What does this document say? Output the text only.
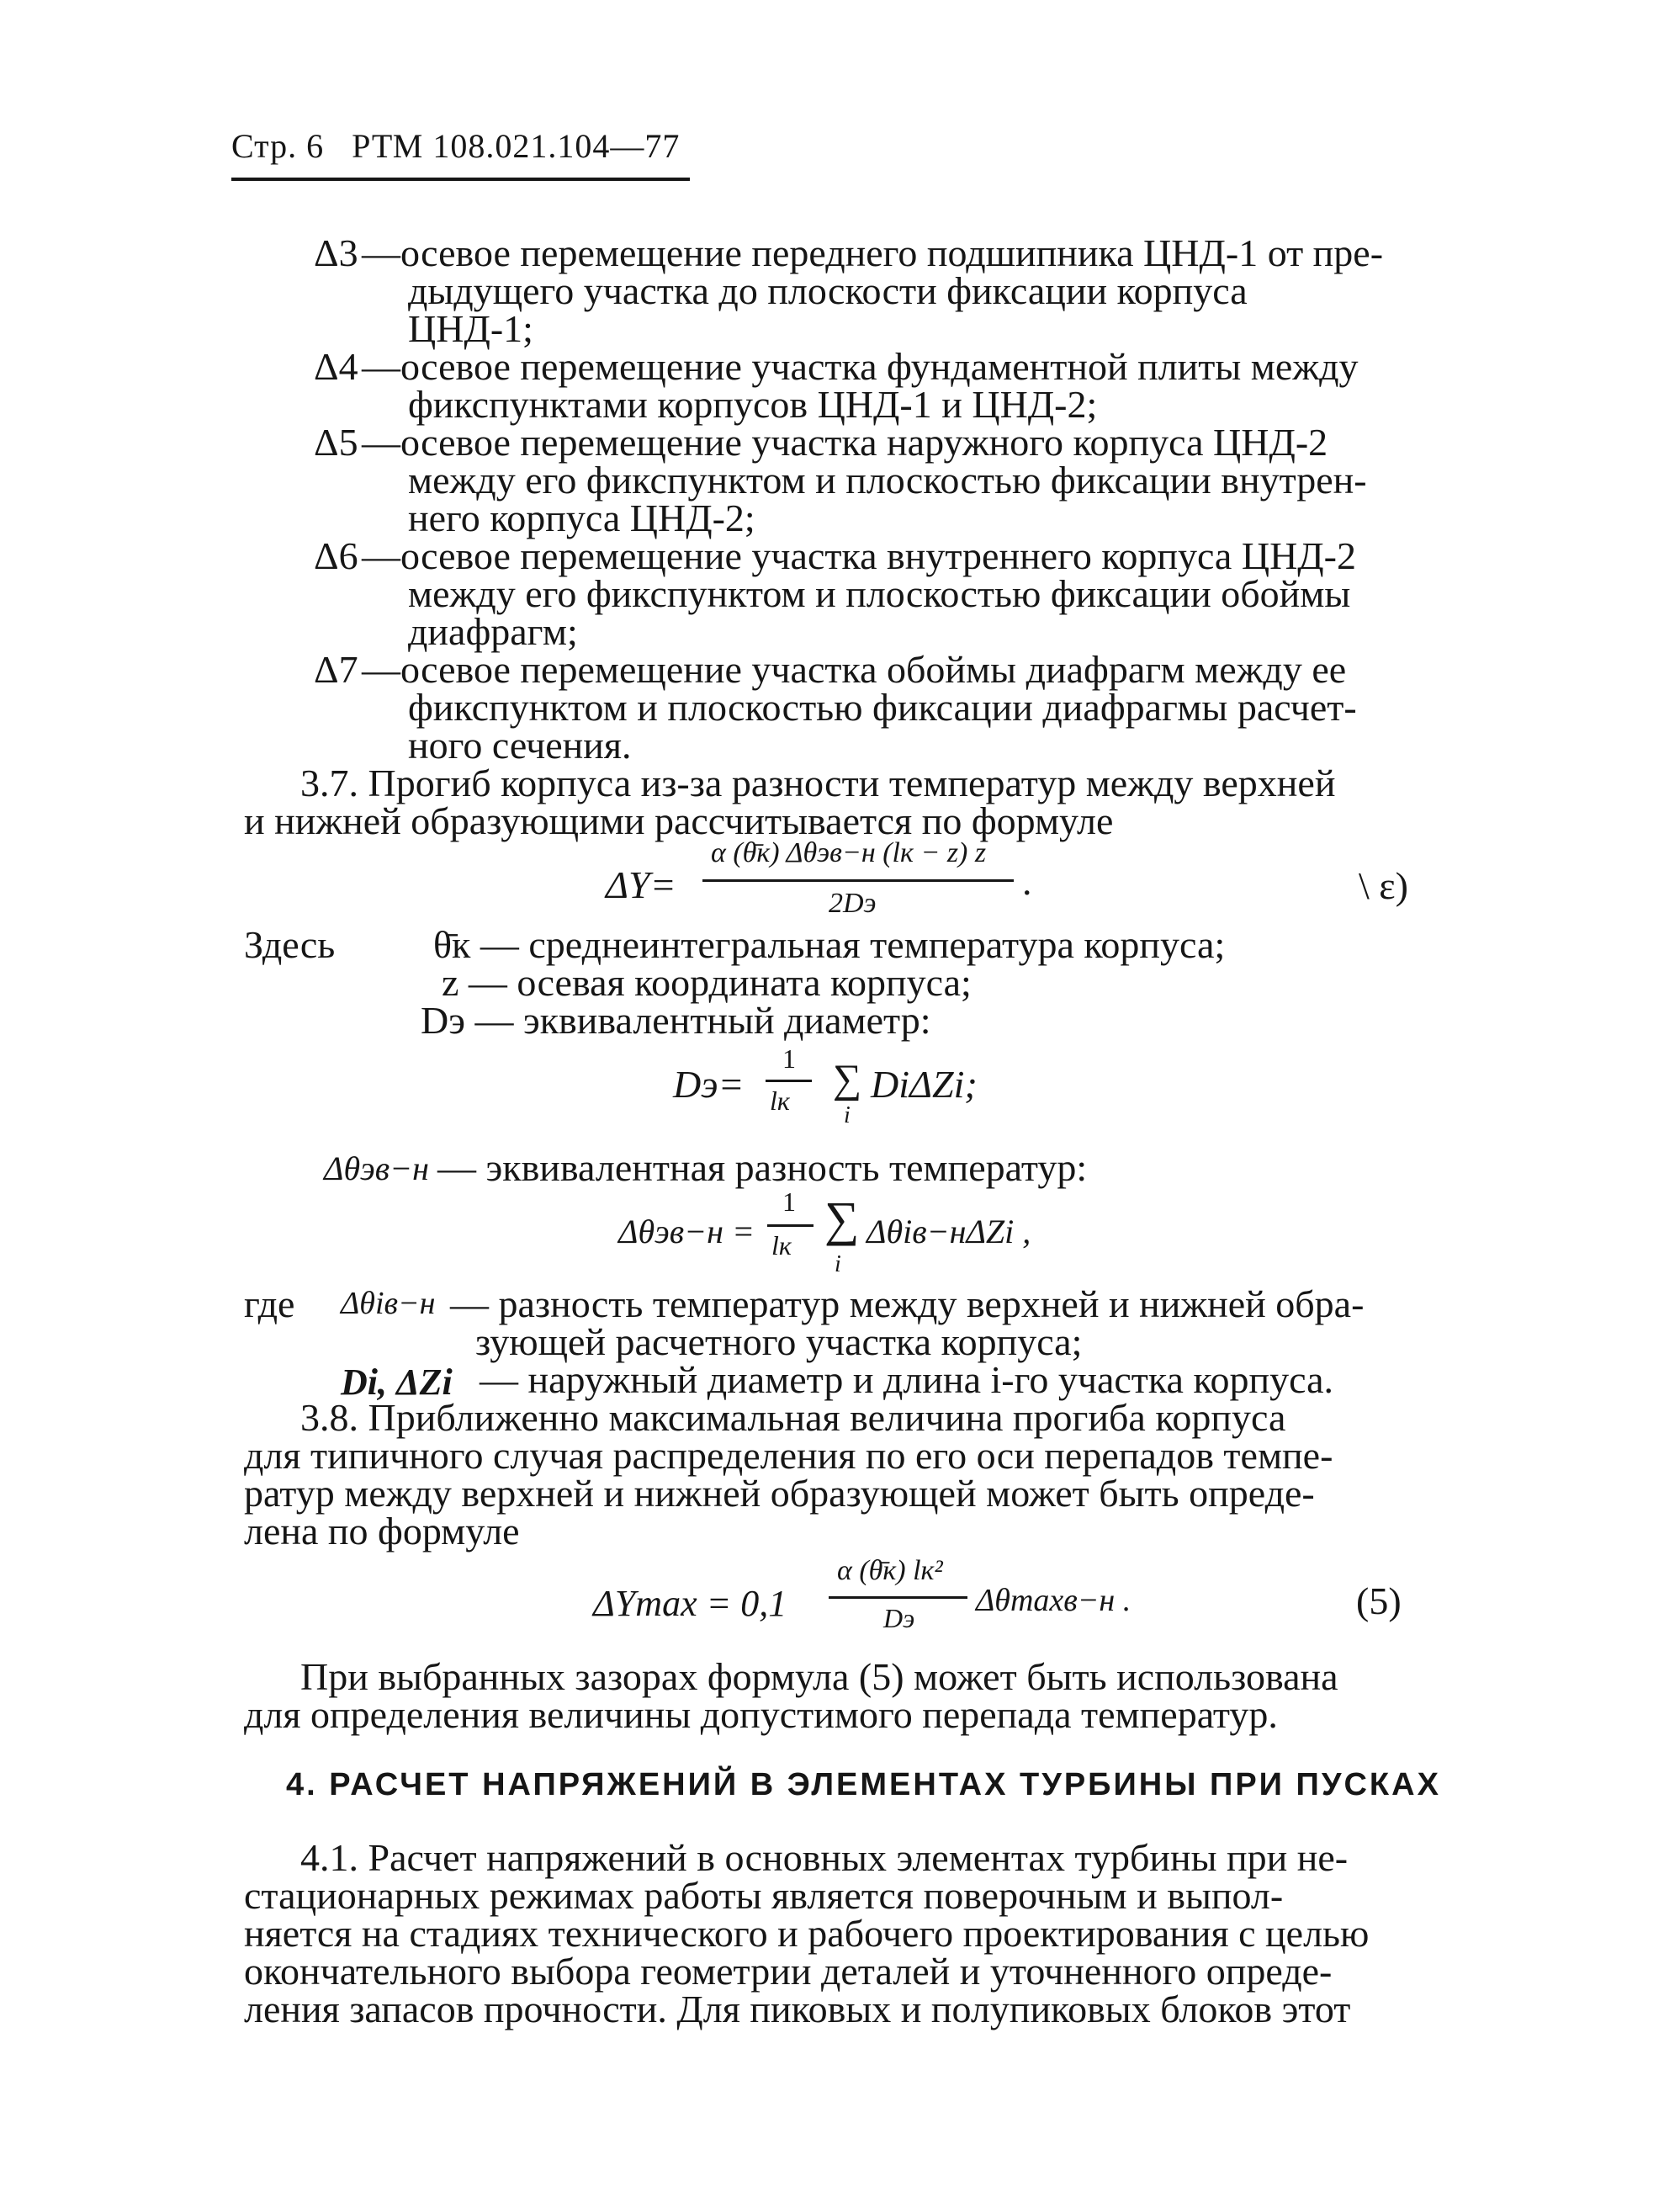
Стр. 6 РТМ 108.021.104—77
Δ3 —осевое перемещение переднего подшипника ЦНД-1 от пре-
дыдущего участка до плоскости фиксации корпуса
ЦНД-1;
Δ4 —осевое перемещение участка фундаментной плиты между
фикспунктами корпусов ЦНД-1 и ЦНД-2;
Δ5 —осевое перемещение участка наружного корпуса ЦНД-2
между его фикспунктом и плоскостью фиксации внутрен-
него корпуса ЦНД-2;
Δ6 —осевое перемещение участка внутреннего корпуса ЦНД-2
между его фикспунктом и плоскостью фиксации обоймы
диафрагм;
Δ7 —осевое перемещение участка обоймы диафрагм между ее
фикспунктом и плоскостью фиксации диафрагмы расчет-
ного сечения.
3.7. Прогиб корпуса из-за разности температур между верхней
и нижней образующими рассчитывается по формуле
ΔY=
α (θ̄к) Δθэв−н (lк − z) z
2Dэ
.	\ ɛ)
Здесь	θ̄к — среднеинтегральная температура корпуса;
z — осевая координата корпуса;
Dэ — эквивалентный диаметр:
Dэ=
1
lк ∑
i
DiΔZi;
Δθэв−н — эквивалентная разность температур:
Δθэв−н =
1
lк ∑
i
Δθiв−нΔZi ,
где Δθiв−н — разность температур между верхней и нижней обра-
зующей расчетного участка корпуса;
Di, ΔZi — наружный диаметр и длина i-го участка корпуса.
3.8. Приближенно максимальная величина прогиба корпуса
для типичного случая распределения по его оси перепадов темпе-
ратур между верхней и нижней образующей может быть опреде-
лена по формуле
ΔYmax = 0,1
α (θ̄к) lк²
Dэ Δθmaxв−н .	(5)
При выбранных зазорах формула (5) может быть использована
для определения величины допустимого перепада температур.
4. РАСЧЕТ НАПРЯЖЕНИЙ В ЭЛЕМЕНТАХ ТУРБИНЫ ПРИ ПУСКАХ
4.1. Расчет напряжений в основных элементах турбины при не-
стационарных режимах работы является поверочным и выпол-
няется на стадиях технического и рабочего проектирования с целью
окончательного выбора геометрии деталей и уточненного опреде-
ления запасов прочности. Для пиковых и полупиковых блоков этот
